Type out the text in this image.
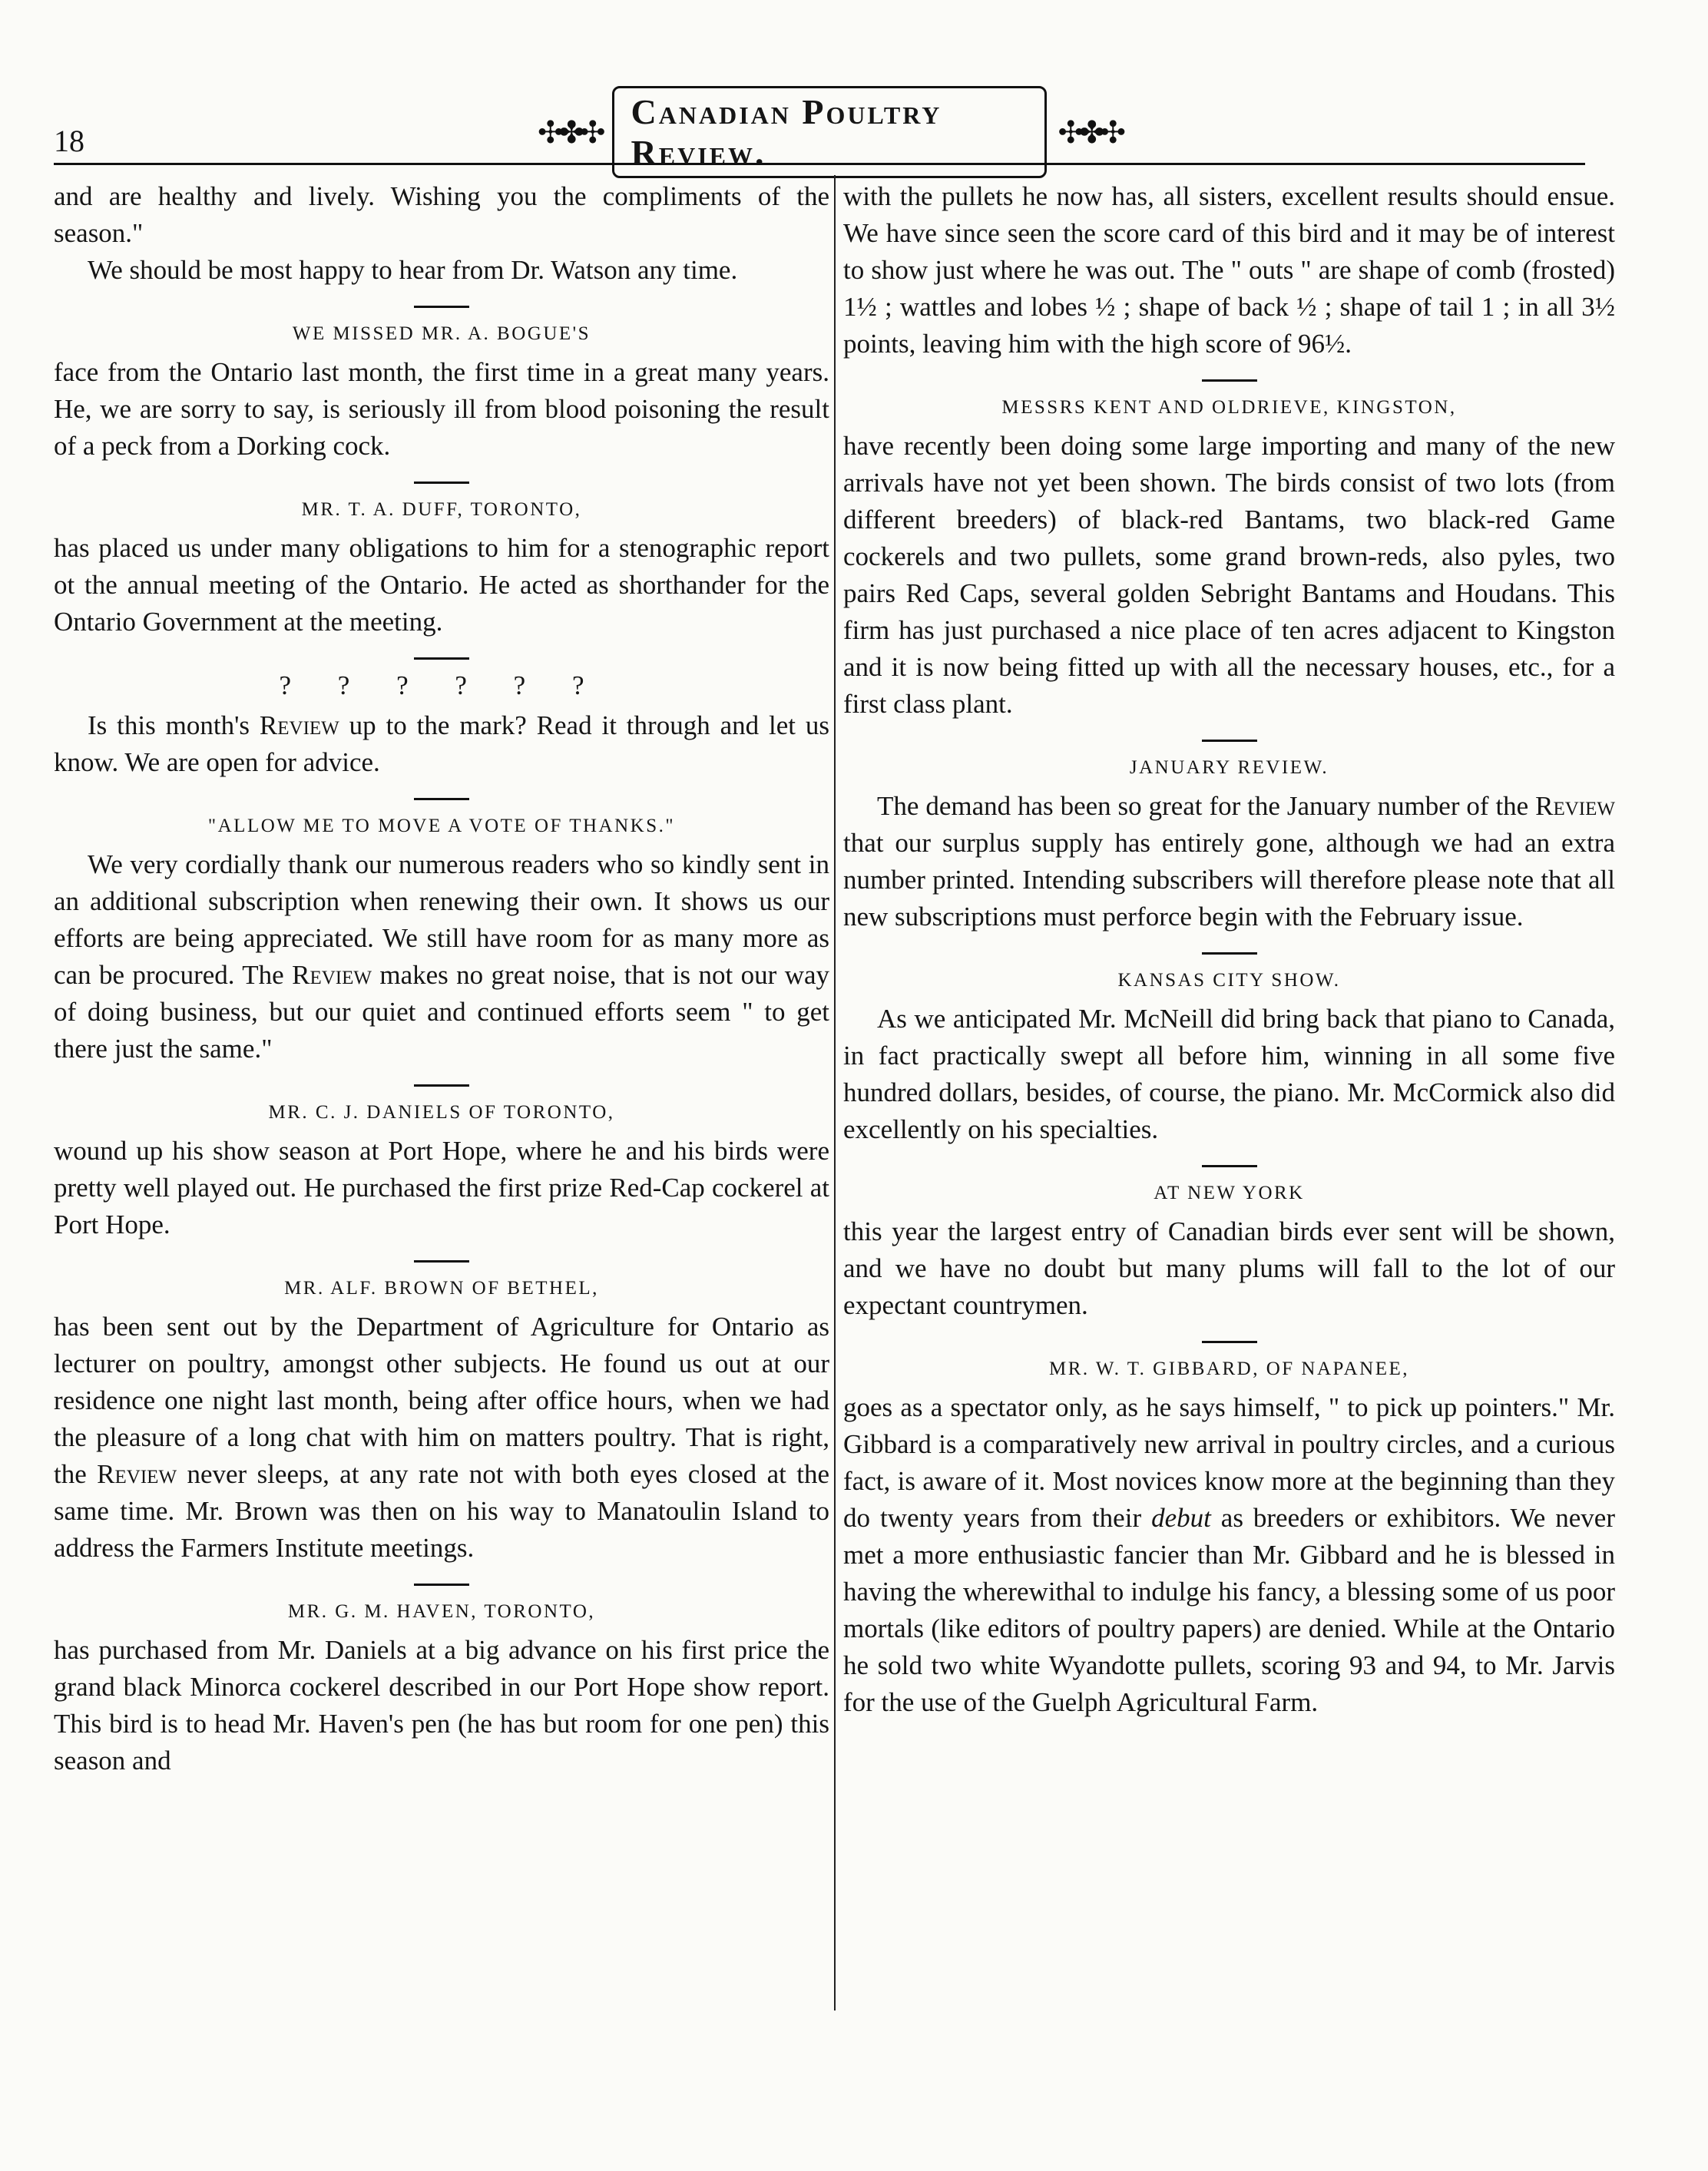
18	✣✤✣
Canadian Poultry Review.
✣✤✣

and are healthy and lively. Wishing you the compliments of the season."

We should be most happy to hear from Dr. Watson any time.

WE MISSED MR. A. BOGUE'S

face from the Ontario last month, the first time in a great many years. He, we are sorry to say, is seriously ill from blood poisoning the result of a peck from a Dorking cock.

MR. T. A. DUFF, TORONTO,

has placed us under many obligations to him for a stenographic report ot the annual meeting of the Ontario. He acted as shorthander for the Ontario Government at the meeting.

? ? ? ? ? ?

Is this month's Review up to the mark? Read it through and let us know. We are open for advice.

"ALLOW ME TO MOVE A VOTE OF THANKS."

We very cordially thank our numerous readers who so kindly sent in an additional subscription when renewing their own. It shows us our efforts are being appreciated. We still have room for as many more as can be procured. The Review makes no great noise, that is not our way of doing business, but our quiet and continued efforts seem " to get there just the same."

MR. C. J. DANIELS OF TORONTO,

wound up his show season at Port Hope, where he and his birds were pretty well played out. He purchased the first prize Red-Cap cockerel at Port Hope.

MR. ALF. BROWN OF BETHEL,

has been sent out by the Department of Agriculture for Ontario as lecturer on poultry, amongst other subjects. He found us out at our residence one night last month, being after office hours, when we had the pleasure of a long chat with him on matters poultry. That is right, the Review never sleeps, at any rate not with both eyes closed at the same time. Mr. Brown was then on his way to Manatoulin Island to address the Farmers Institute meetings.

MR. G. M. HAVEN, TORONTO,

has purchased from Mr. Daniels at a big advance on his first price the grand black Minorca cockerel described in our Port Hope show report. This bird is to head Mr. Haven's pen (he has but room for one pen) this season and

with the pullets he now has, all sisters, excellent results should ensue. We have since seen the score card of this bird and it may be of interest to show just where he was out. The " outs " are shape of comb (frosted) 1½ ; wattles and lobes ½ ; shape of back ½ ; shape of tail 1 ; in all 3½ points, leaving him with the high score of 96½.

MESSRS KENT AND OLDRIEVE, KINGSTON,

have recently been doing some large importing and many of the new arrivals have not yet been shown. The birds consist of two lots (from different breeders) of black-red Bantams, two black-red Game cockerels and two pullets, some grand brown-reds, also pyles, two pairs Red Caps, several golden Sebright Bantams and Houdans. This firm has just purchased a nice place of ten acres adjacent to Kingston and it is now being fitted up with all the necessary houses, etc., for a first class plant.

JANUARY REVIEW.

The demand has been so great for the January number of the Review that our surplus supply has entirely gone, although we had an extra number printed. Intending subscribers will therefore please note that all new subscriptions must perforce begin with the February issue.

KANSAS CITY SHOW.

As we anticipated Mr. McNeill did bring back that piano to Canada, in fact practically swept all before him, winning in all some five hundred dollars, besides, of course, the piano. Mr. McCormick also did excellently on his specialties.

AT NEW YORK

this year the largest entry of Canadian birds ever sent will be shown, and we have no doubt but many plums will fall to the lot of our expectant countrymen.

MR. W. T. GIBBARD, OF NAPANEE,

goes as a spectator only, as he says himself, " to pick up pointers." Mr. Gibbard is a comparatively new arrival in poultry circles, and a curious fact, is aware of it. Most novices know more at the beginning than they do twenty years from their debut as breeders or exhibitors. We never met a more enthusiastic fancier than Mr. Gibbard and he is blessed in having the wherewithal to indulge his fancy, a blessing some of us poor mortals (like editors of poultry papers) are denied. While at the Ontario he sold two white Wyandotte pullets, scoring 93 and 94, to Mr. Jarvis for the use of the Guelph Agricultural Farm.
